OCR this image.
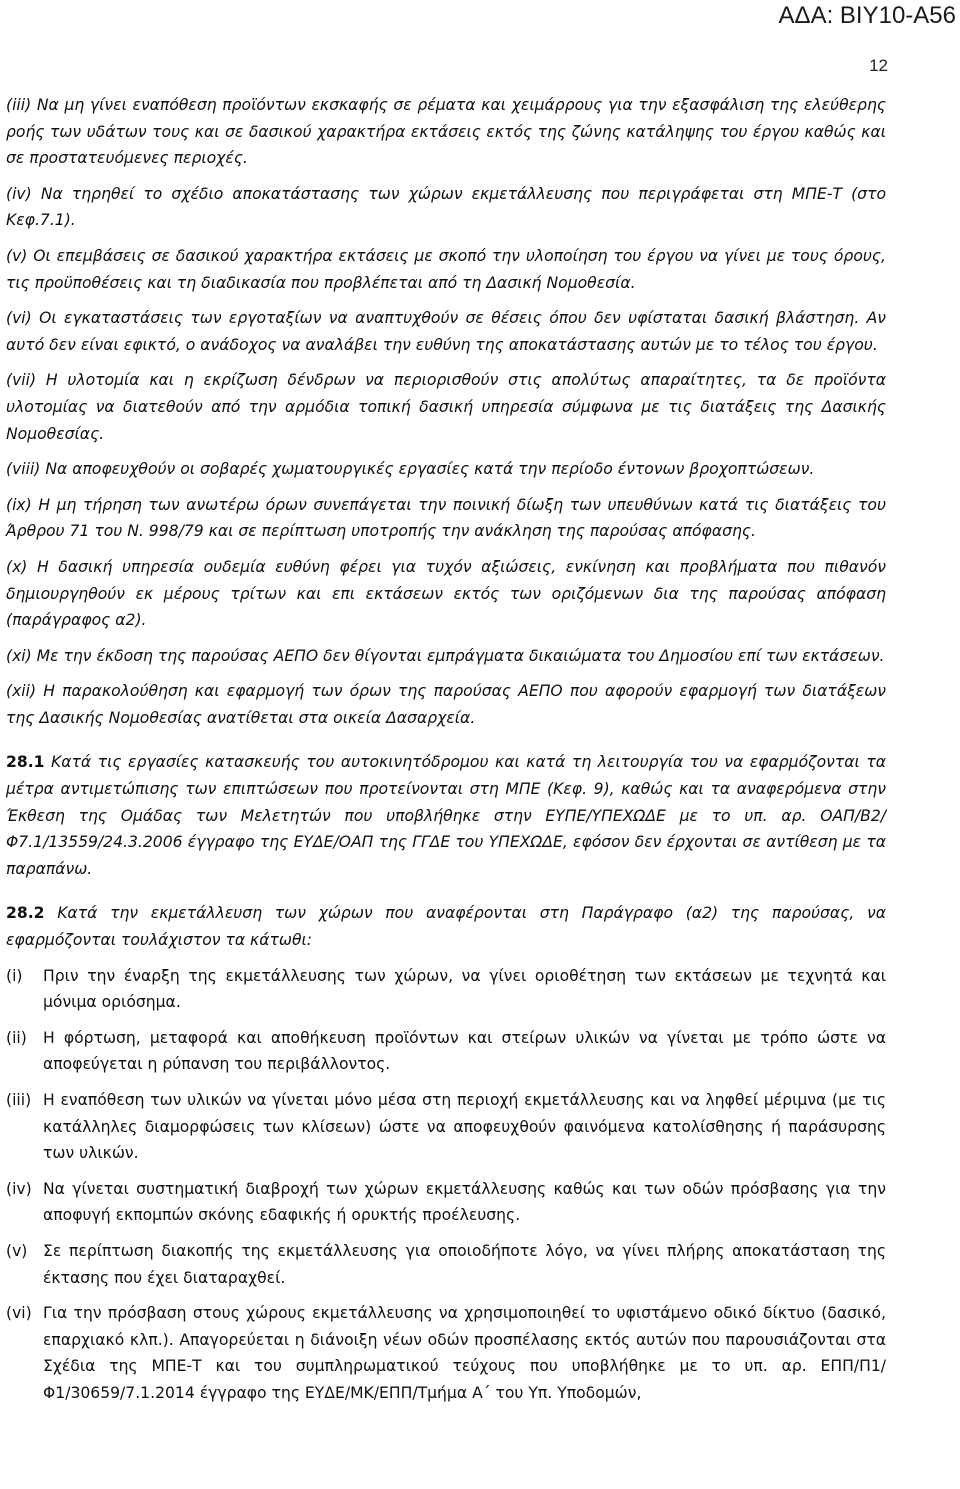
ΑΔΑ: ΒΙΥ10-Α56
12

(iii) Να μη γίνει εναπόθεση προϊόντων εκσκαφής σε ρέματα και χειμάρρους για την εξασφάλιση της ελεύθερης ροής των υδάτων τους και σε δασικού χαρακτήρα εκτάσεις εκτός της ζώνης κατάληψης του έργου καθώς και σε προστατευόμενες περιοχές.

(iv) Να τηρηθεί το σχέδιο αποκατάστασης των χώρων εκμετάλλευσης που περιγράφεται στη ΜΠΕ-Τ (στο Κεφ.7.1).

(v) Οι επεμβάσεις σε δασικού χαρακτήρα εκτάσεις με σκοπό την υλοποίηση του έργου να γίνει με τους όρους, τις προϋποθέσεις και τη διαδικασία που προβλέπεται από τη Δασική Νομοθεσία.

(vi) Οι εγκαταστάσεις των εργοταξίων να αναπτυχθούν σε θέσεις όπου δεν υφίσταται δασική βλάστηση. Αν αυτό δεν είναι εφικτό, ο ανάδοχος να αναλάβει την ευθύνη της αποκατάστασης αυτών με το τέλος του έργου.

(vii) Η υλοτομία και η εκρίζωση δένδρων να περιορισθούν στις απολύτως απαραίτητες, τα δε προϊόντα υλοτομίας να διατεθούν από την αρμόδια τοπική δασική υπηρεσία σύμφωνα με τις διατάξεις της Δασικής Νομοθεσίας.

(viii) Να αποφευχθούν οι σοβαρές χωματουργικές εργασίες κατά την περίοδο έντονων βροχοπτώσεων.

(ix) Η μη τήρηση των ανωτέρω όρων συνεπάγεται την ποινική δίωξη των υπευθύνων κατά τις διατάξεις του Άρθρου 71 του Ν. 998/79 και σε περίπτωση υποτροπής την ανάκληση της παρούσας απόφασης.

(x) Η δασική υπηρεσία ουδεμία ευθύνη φέρει για τυχόν αξιώσεις, ενκίνηση και προβλήματα που πιθανόν δημιουργηθούν εκ μέρους τρίτων και επι εκτάσεων εκτός των οριζόμενων δια της παρούσας απόφαση (παράγραφος α2).

(xi) Με την έκδοση της παρούσας ΑΕΠΟ δεν θίγονται εμπράγματα δικαιώματα του Δημοσίου επί των εκτάσεων.

(xii) Η παρακολούθηση και εφαρμογή των όρων της παρούσας ΑΕΠΟ που αφορούν εφαρμογή των διατάξεων της Δασικής Νομοθεσίας ανατίθεται στα οικεία Δασαρχεία.

28.1 Κατά τις εργασίες κατασκευής του αυτοκινητόδρομου και κατά τη λειτουργία του να εφαρμόζονται τα μέτρα αντιμετώπισης των επιπτώσεων που προτείνονται στη ΜΠΕ (Κεφ. 9), καθώς και τα αναφερόμενα στην Έκθεση της Ομάδας των Μελετητών που υποβλήθηκε στην ΕΥΠΕ/ΥΠΕΧΩΔΕ με το υπ. αρ. ΟΑΠ/Β2/Φ7.1/13559/24.3.2006 έγγραφο της ΕΥΔΕ/ΟΑΠ της ΓΓΔΕ του ΥΠΕΧΩΔΕ, εφόσον δεν έρχονται σε αντίθεση με τα παραπάνω.

28.2 Κατά την εκμετάλλευση των χώρων που αναφέρονται στη Παράγραφο (α2) της παρούσας, να εφαρμόζονται τουλάχιστον τα κάτωθι:

(i)	Πριν την έναρξη της εκμετάλλευσης των χώρων, να γίνει οριοθέτηση των εκτάσεων με τεχνητά και μόνιμα οριόσημα.
(ii)	Η φόρτωση, μεταφορά και αποθήκευση προϊόντων και στείρων υλικών να γίνεται με τρόπο ώστε να αποφεύγεται η ρύπανση του περιβάλλοντος.
(iii) Η εναπόθεση των υλικών να γίνεται μόνο μέσα στη περιοχή εκμετάλλευσης και να ληφθεί μέριμνα (με τις κατάλληλες διαμορφώσεις των κλίσεων) ώστε να αποφευχθούν φαινόμενα κατολίσθησης ή παράσυρσης των υλικών.
(iv) Να γίνεται συστηματική διαβροχή των χώρων εκμετάλλευσης καθώς και των οδών πρόσβασης για την αποφυγή εκπομπών σκόνης εδαφικής ή ορυκτής προέλευσης.
(v) Σε περίπτωση διακοπής της εκμετάλλευσης για οποιοδήποτε λόγο, να γίνει πλήρης αποκατάσταση της έκτασης που έχει διαταραχθεί.
(vi) Για την πρόσβαση στους χώρους εκμετάλλευσης να χρησιμοποιηθεί το υφιστάμενο οδικό δίκτυο (δασικό, επαρχιακό κλπ.). Απαγορεύεται η διάνοιξη νέων οδών προσπέλασης εκτός αυτών που παρουσιάζονται στα Σχέδια της ΜΠΕ-Τ και του συμπληρωματικού τεύχους που υποβλήθηκε με το υπ. αρ. ΕΠΠ/Π1/Φ1/30659/7.1.2014 έγγραφο της ΕΥΔΕ/ΜΚ/ΕΠΠ/Τμήμα Α΄ του Υπ. Υποδομών,
